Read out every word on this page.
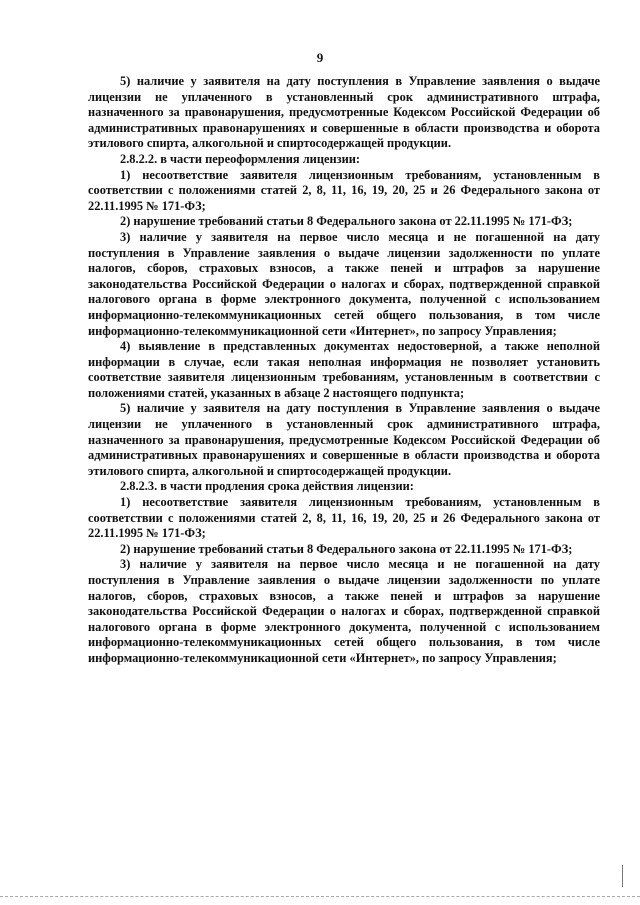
9

5) наличие у заявителя на дату поступления в Управление заявления о выдаче лицензии не уплаченного в установленный срок административного штрафа, назначенного за правонарушения, предусмотренные Кодексом Российской Федерации об административных правонарушениях и совершенные в области производства и оборота этилового спирта, алкогольной и спиртосодержащей продукции.

2.8.2.2. в части переоформления лицензии:

1) несоответствие заявителя лицензионным требованиям, установленным в соответствии с положениями статей 2, 8, 11, 16, 19, 20, 25 и 26 Федерального закона от 22.11.1995 № 171-ФЗ;

2) нарушение требований статьи 8 Федерального закона от 22.11.1995 № 171-ФЗ;

3) наличие у заявителя на первое число месяца и не погашенной на дату поступления в Управление заявления о выдаче лицензии задолженности по уплате налогов, сборов, страховых взносов, а также пеней и штрафов за нарушение законодательства Российской Федерации о налогах и сборах, подтвержденной справкой налогового органа в форме электронного документа, полученной с использованием информационно-телекоммуникационных сетей общего пользования, в том числе информационно-телекоммуникационной сети «Интернет», по запросу Управления;

4) выявление в представленных документах недостоверной, а также неполной информации в случае, если такая неполная информация не позволяет установить соответствие заявителя лицензионным требованиям, установленным в соответствии с положениями статей, указанных в абзаце 2 настоящего подпункта;

5) наличие у заявителя на дату поступления в Управление заявления о выдаче лицензии не уплаченного в установленный срок административного штрафа, назначенного за правонарушения, предусмотренные Кодексом Российской Федерации об административных правонарушениях и совершенные в области производства и оборота этилового спирта, алкогольной и спиртосодержащей продукции.

2.8.2.3. в части продления срока действия лицензии:

1) несоответствие заявителя лицензионным требованиям, установленным в соответствии с положениями статей 2, 8, 11, 16, 19, 20, 25 и 26 Федерального закона от 22.11.1995 № 171-ФЗ;

2) нарушение требований статьи 8 Федерального закона от 22.11.1995 № 171-ФЗ;

3) наличие у заявителя на первое число месяца и не погашенной на дату поступления в Управление заявления о выдаче лицензии задолженности по уплате налогов, сборов, страховых взносов, а также пеней и штрафов за нарушение законодательства Российской Федерации о налогах и сборах, подтвержденной справкой налогового органа в форме электронного документа, полученной с использованием информационно-телекоммуникационных сетей общего пользования, в том числе информационно-телекоммуникационной сети «Интернет», по запросу Управления;
